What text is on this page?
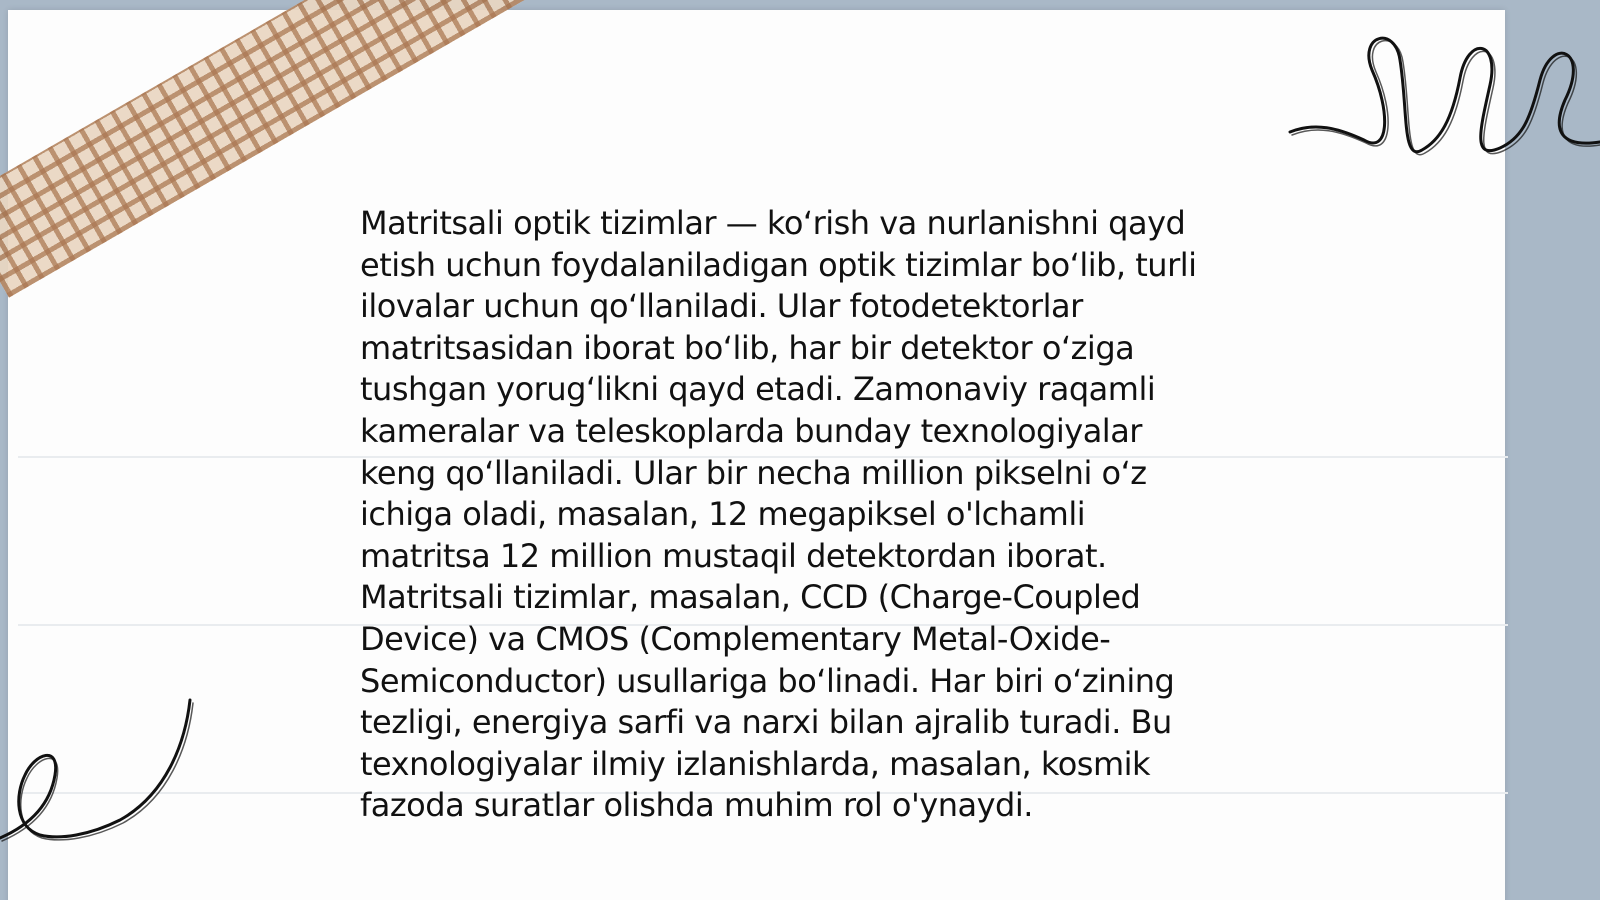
Matritsali optik tizimlar — ko‘rish va nurlanishni qayd
etish uchun foydalaniladigan optik tizimlar bo‘lib, turli
ilovalar uchun qo‘llaniladi. Ular fotodetektorlar
matritsasidan iborat bo‘lib, har bir detektor o‘ziga
tushgan yorug‘likni qayd etadi. Zamonaviy raqamli
kameralar va teleskoplarda bunday texnologiyalar
keng qo‘llaniladi. Ular bir necha million pikselni o‘z
ichiga oladi, masalan, 12 megapiksel o'lchamli
matritsa 12 million mustaqil detektordan iborat.
Matritsali tizimlar, masalan, CCD (Charge-Coupled
Device) va CMOS (Complementary Metal-Oxide-
Semiconductor) usullariga bo‘linadi. Har biri o‘zining
tezligi, energiya sarfi va narxi bilan ajralib turadi. Bu
texnologiyalar ilmiy izlanishlarda, masalan, kosmik
fazoda suratlar olishda muhim rol o'ynaydi.
